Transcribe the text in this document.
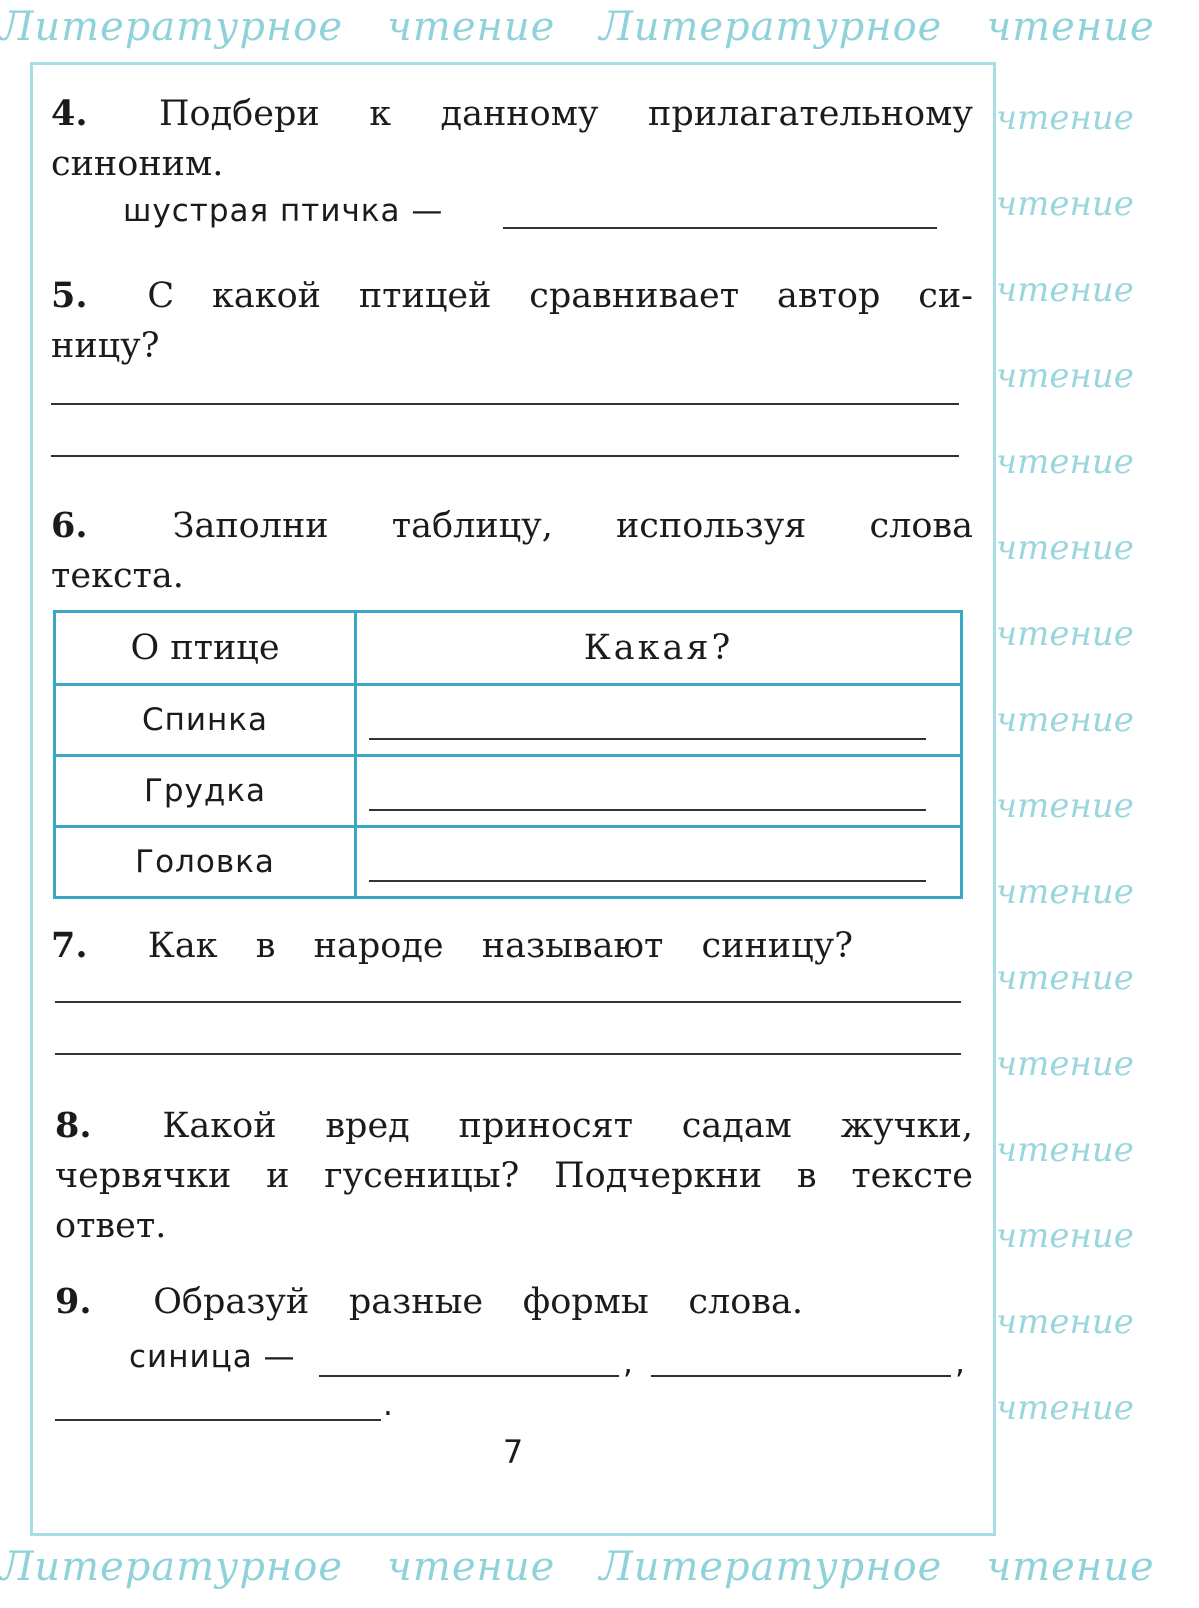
Литературное чтение Литературное чтение
Литературное чтение Литературное чтение
чтение
чтение
чтение
чтение
чтение
чтение
чтение
чтение
чтение
чтение
чтение
чтение
чтение
чтение
чтение
чтение
4. Подбери к данному прилагательному
синоним.
шустрая птичка —
5. С какой птицей сравнивает автор си-
ницу?
6. Заполни таблицу, используя слова
текста.
О птице	Какая?
Спинка	

Грудка	

Головка	
7. Как в народе называют синицу?
8. Какой вред приносят садам жучки,
червячки и гусеницы? Подчеркни в тексте
ответ.
9. Образуй разные формы слова.
синица —	,	,
.
7
